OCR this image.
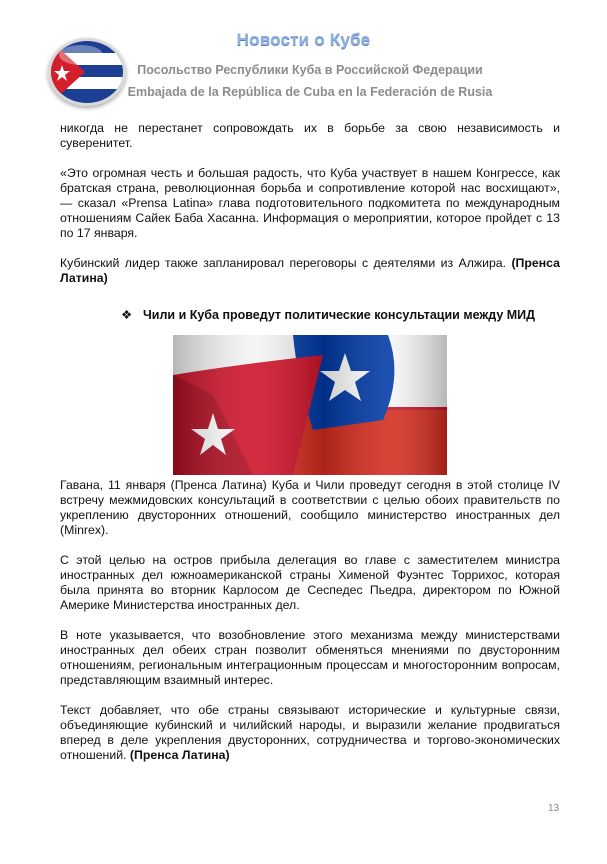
Новости о Кубе
Посольство Республики Куба в Российской Федерации
Embajada de la República de Cuba en la Federación de Rusia

никогда не перестанет сопровождать их в борьбе за свою независимость и суверенитет.

«Это огромная честь и большая радость, что Куба участвует в нашем Конгрессе, как братская страна, революционная борьба и сопротивление которой нас восхищают», — сказал «Prensa Latina» глава подготовительного подкомитета по международным отношениям Сайек Баба Хасанна. Информация о мероприятии, которое пройдет с 13 по 17 января.

Кубинский лидер также запланировал переговоры с деятелями из Алжира. (Пренса Латина)

❖ Чили и Куба проведут политические консультации между МИД

Гавана, 11 января (Пренса Латина) Куба и Чили проведут сегодня в этой столице IV встречу межмидовских консультаций в соответствии с целью обоих правительств по укреплению двусторонних отношений, сообщило министерство иностранных дел (Minrex).

С этой целью на остров прибыла делегация во главе с заместителем министра иностранных дел южноамериканской страны Хименой Фуэнтес Торрихос, которая была принята во вторник Карлосом де Сеспедес Пьедра, директором по Южной Америке Министерства иностранных дел.

В ноте указывается, что возобновление этого механизма между министерствами иностранных дел обеих стран позволит обменяться мнениями по двусторонним отношениям, региональным интеграционным процессам и многосторонним вопросам, представляющим взаимный интерес.

Текст добавляет, что обе страны связывают исторические и культурные связи, объединяющие кубинский и чилийский народы, и выразили желание продвигаться вперед в деле укрепления двусторонних, сотрудничества и торгово-экономических отношений. (Пренса Латина)

13
